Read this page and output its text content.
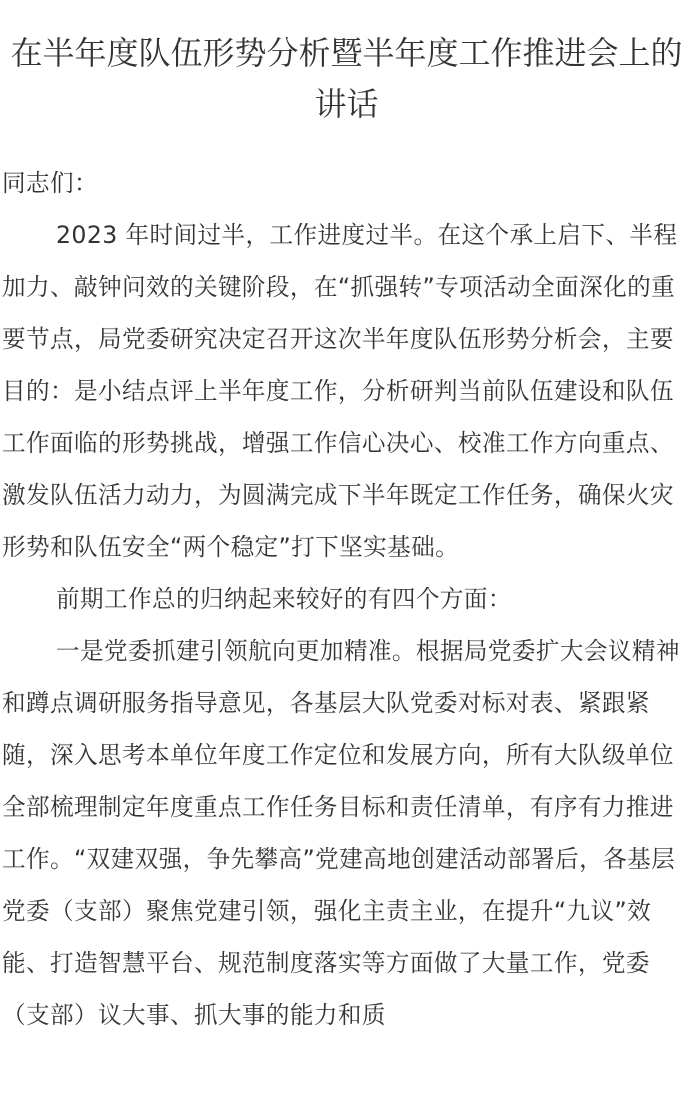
在半年度队伍形势分析暨半年度工作推进会上的讲话

同志们：

2023 年时间过半，工作进度过半。在这个承上启下、半程加力、敲钟问效的关键阶段，在“抓强转”专项活动全面深化的重要节点，局党委研究决定召开这次半年度队伍形势分析会，主要目的：是小结点评上半年度工作，分析研判当前队伍建设和队伍工作面临的形势挑战，增强工作信心决心、校准工作方向重点、激发队伍活力动力，为圆满完成下半年既定工作任务，确保火灾形势和队伍安全“两个稳定”打下坚实基础。

前期工作总的归纳起来较好的有四个方面：

一是党委抓建引领航向更加精准。根据局党委扩大会议精神和蹲点调研服务指导意见，各基层大队党委对标对表、紧跟紧随，深入思考本单位年度工作定位和发展方向，所有大队级单位全部梳理制定年度重点工作任务目标和责任清单，有序有力推进工作。“双建双强，争先攀高”党建高地创建活动部署后，各基层党委（支部）聚焦党建引领，强化主责主业，在提升“九议”效能、打造智慧平台、规范制度落实等方面做了大量工作，党委（支部）议大事、抓大事的能力和质
